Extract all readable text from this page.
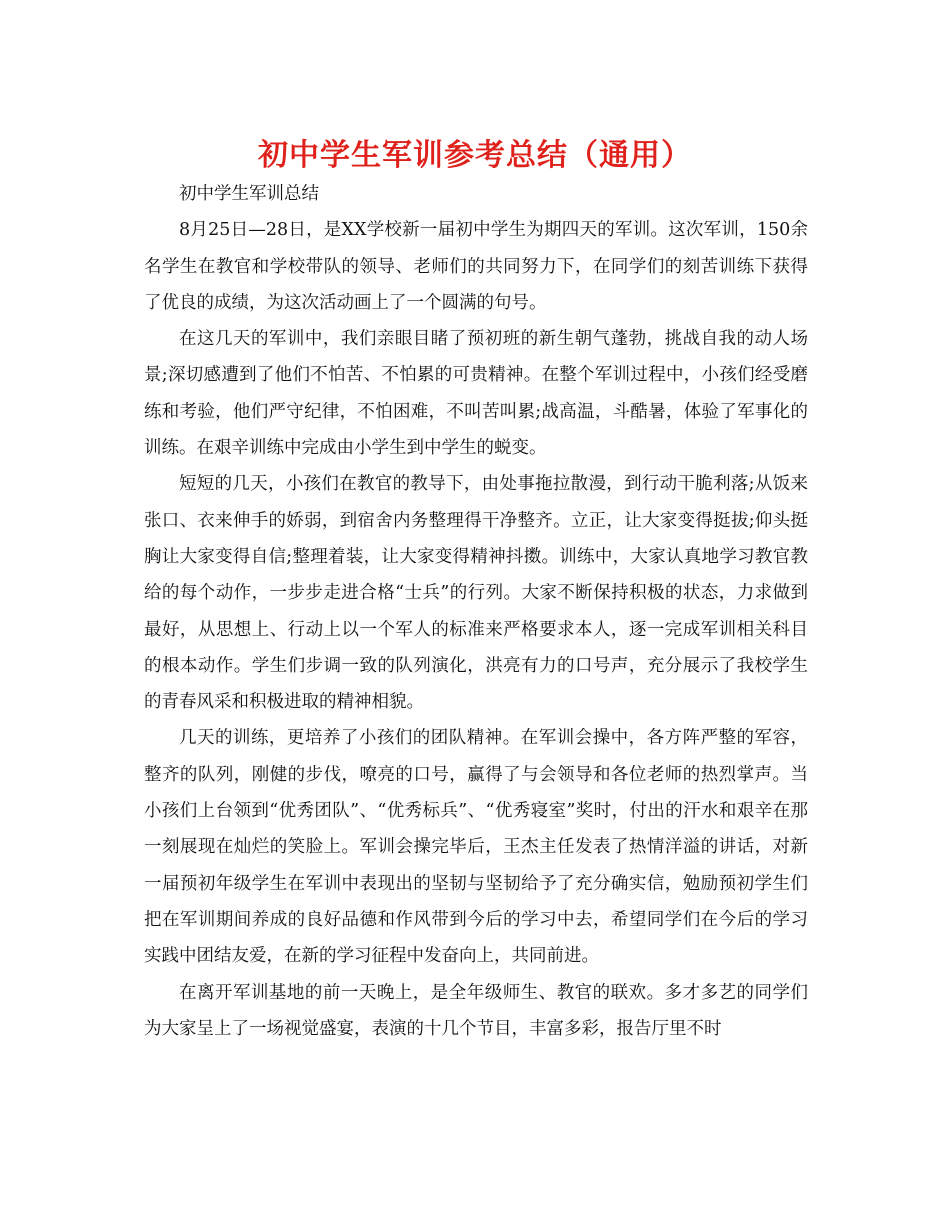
初中学生军训参考总结（通用）

初中学生军训总结

8月25日—28日，是XX学校新一届初中学生为期四天的军训。这次军训，150余名学生在教官和学校带队的领导、老师们的共同努力下，在同学们的刻苦训练下获得了优良的成绩，为这次活动画上了一个圆满的句号。

在这几天的军训中，我们亲眼目睹了预初班的新生朝气蓬勃，挑战自我的动人场景;深切感遭到了他们不怕苦、不怕累的可贵精神。在整个军训过程中，小孩们经受磨练和考验，他们严守纪律，不怕困难，不叫苦叫累;战高温，斗酷暑，体验了军事化的训练。在艰辛训练中完成由小学生到中学生的蜕变。

短短的几天，小孩们在教官的教导下，由处事拖拉散漫，到行动干脆利落;从饭来张口、衣来伸手的娇弱，到宿舍内务整理得干净整齐。立正，让大家变得挺拔;仰头挺胸让大家变得自信;整理着装，让大家变得精神抖擞。训练中，大家认真地学习教官教给的每个动作，一步步走进合格“士兵”的行列。大家不断保持积极的状态，力求做到最好，从思想上、行动上以一个军人的标准来严格要求本人，逐一完成军训相关科目的根本动作。学生们步调一致的队列演化，洪亮有力的口号声，充分展示了我校学生的青春风采和积极进取的精神相貌。

几天的训练，更培养了小孩们的团队精神。在军训会操中，各方阵严整的军容，整齐的队列，刚健的步伐，嘹亮的口号，赢得了与会领导和各位老师的热烈掌声。当小孩们上台领到“优秀团队”、“优秀标兵”、“优秀寝室”奖时，付出的汗水和艰辛在那一刻展现在灿烂的笑脸上。军训会操完毕后，王杰主任发表了热情洋溢的讲话，对新一届预初年级学生在军训中表现出的坚韧与坚韧给予了充分确实信，勉励预初学生们把在军训期间养成的良好品德和作风带到今后的学习中去，希望同学们在今后的学习实践中团结友爱，在新的学习征程中发奋向上，共同前进。

在离开军训基地的前一天晚上，是全年级师生、教官的联欢。多才多艺的同学们为大家呈上了一场视觉盛宴，表演的十几个节目，丰富多彩，报告厅里不时
